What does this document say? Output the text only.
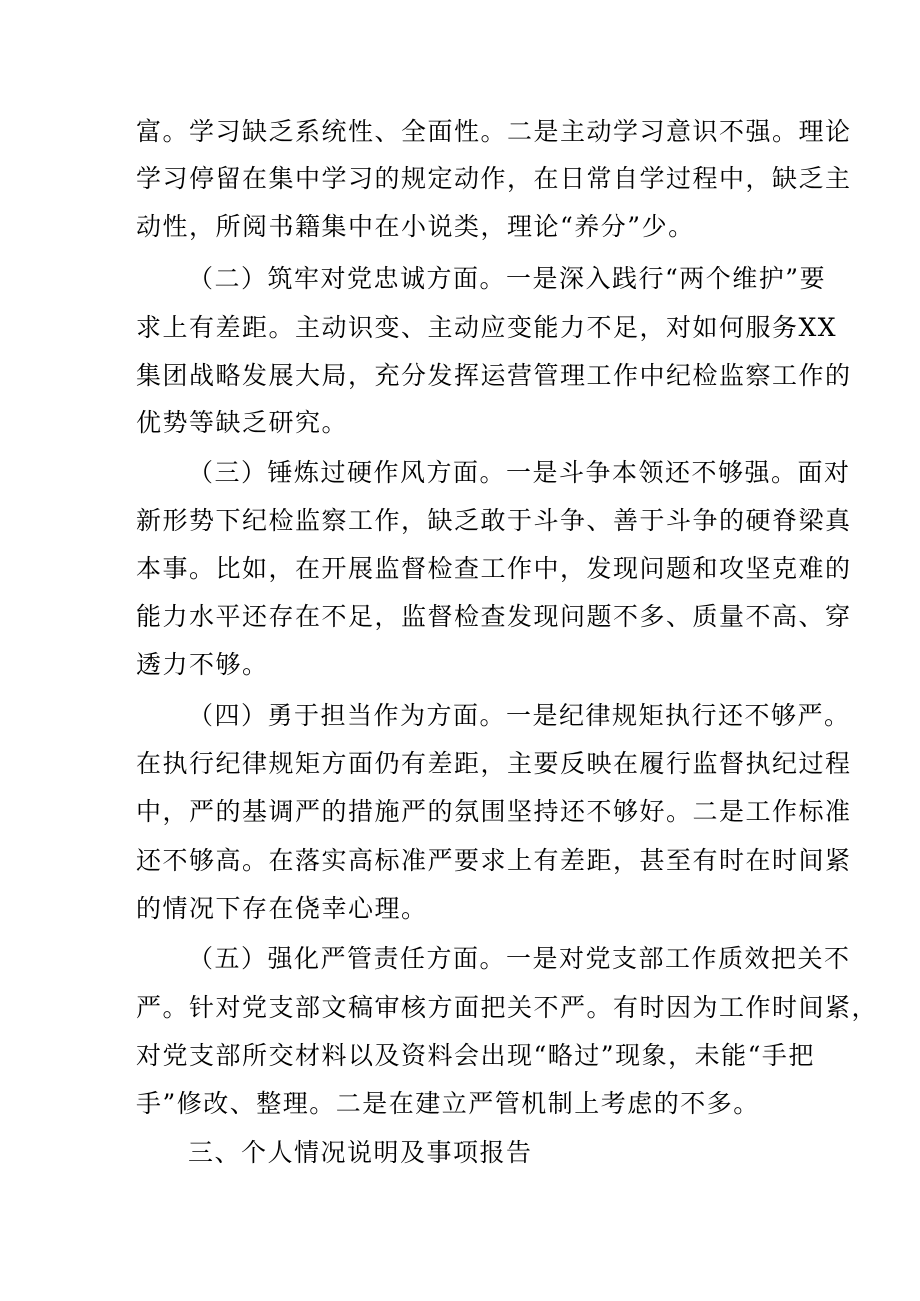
富。学习缺乏系统性、全面性。二是主动学习意识不强。理论
学习停留在集中学习的规定动作，在日常自学过程中，缺乏主
动性，所阅书籍集中在小说类，理论“养分”少。
（二）筑牢对党忠诚方面。一是深入践行“两个维护”要
求上有差距。主动识变、主动应变能力不足，对如何服务XX
集团战略发展大局，充分发挥运营管理工作中纪检监察工作的
优势等缺乏研究。
（三）锤炼过硬作风方面。一是斗争本领还不够强。面对
新形势下纪检监察工作，缺乏敢于斗争、善于斗争的硬脊梁真
本事。比如，在开展监督检查工作中，发现问题和攻坚克难的
能力水平还存在不足，监督检查发现问题不多、质量不高、穿
透力不够。
（四）勇于担当作为方面。一是纪律规矩执行还不够严。
在执行纪律规矩方面仍有差距，主要反映在履行监督执纪过程
中，严的基调严的措施严的氛围坚持还不够好。二是工作标准
还不够高。在落实高标准严要求上有差距，甚至有时在时间紧
的情况下存在侥幸心理。
（五）强化严管责任方面。一是对党支部工作质效把关不
严。针对党支部文稿审核方面把关不严。有时因为工作时间紧，
对党支部所交材料以及资料会出现“略过”现象，未能“手把
手”修改、整理。二是在建立严管机制上考虑的不多。
三、个人情况说明及事项报告
